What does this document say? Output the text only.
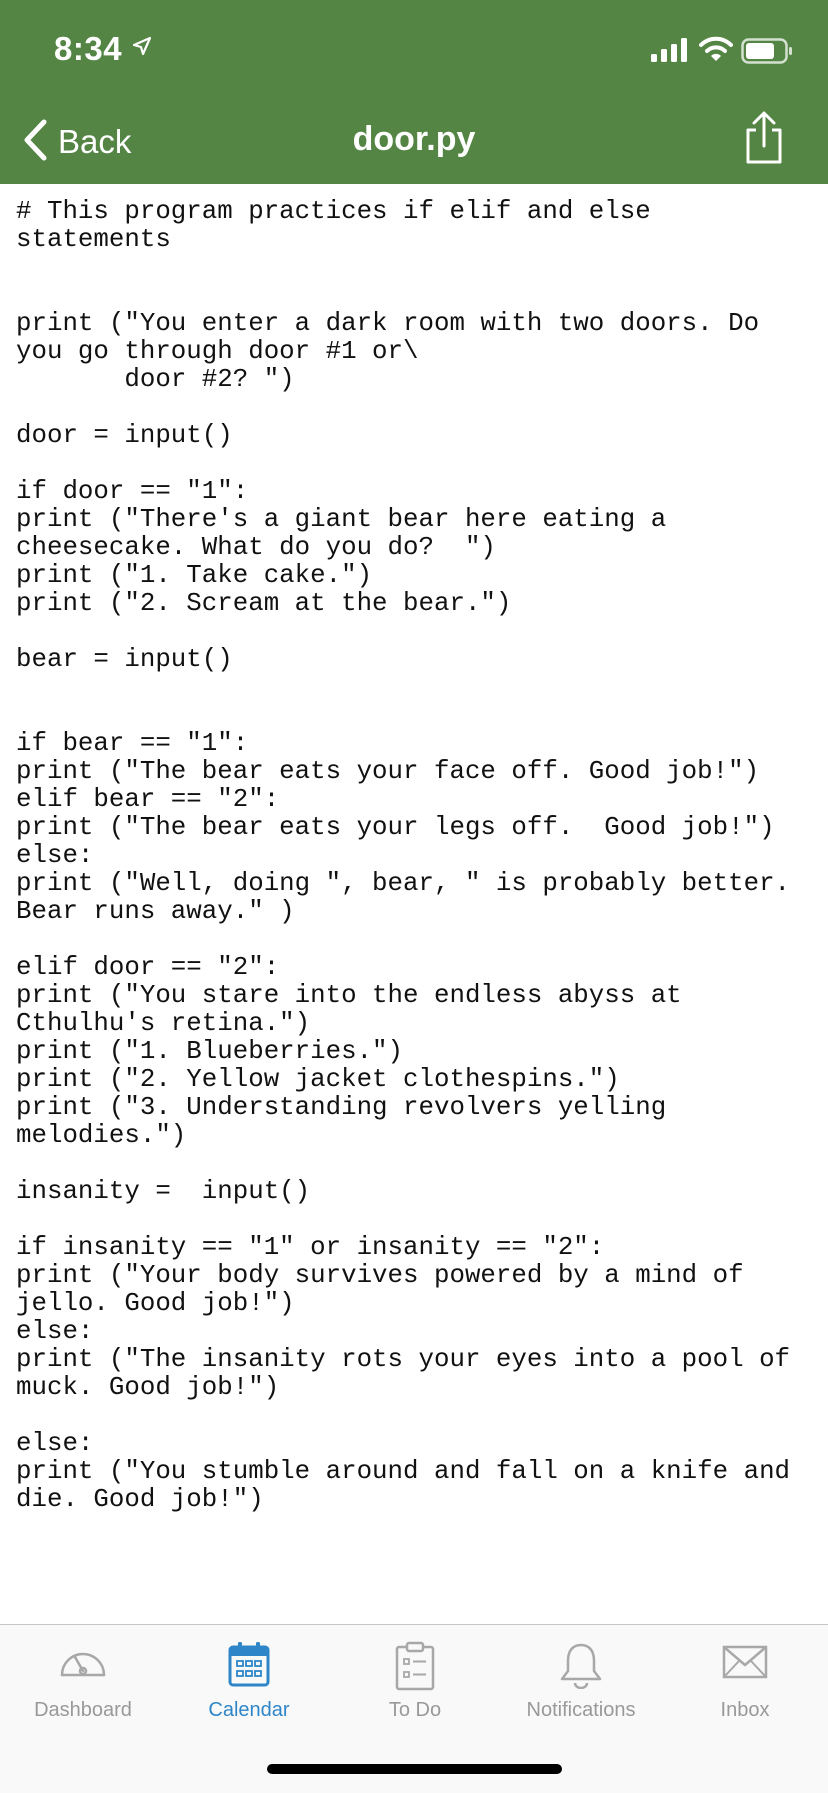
8:34
Back	door.py
# This program practices if elif and else
statements

print ("You enter a dark room with two doors. Do
you go through door #1 or\
door #2? ")

door = input()

if door == "1":
print ("There's a giant bear here eating a
cheesecake. What do you do?  ")
print ("1. Take cake.")
print ("2. Scream at the bear.")

bear = input()

if bear == "1":
print ("The bear eats your face off. Good job!")
elif bear == "2":
print ("The bear eats your legs off.  Good job!")
else:
print ("Well, doing ", bear, " is probably better.
Bear runs away." )

elif door == "2":
print ("You stare into the endless abyss at
Cthulhu's retina.")
print ("1. Blueberries.")
print ("2. Yellow jacket clothespins.")
print ("3. Understanding revolvers yelling
melodies.")

insanity =  input()

if insanity == "1" or insanity == "2":
print ("Your body survives powered by a mind of
jello. Good job!")
else:
print ("The insanity rots your eyes into a pool of
muck. Good job!")

else:
print ("You stumble around and fall on a knife and
die. Good job!")
Dashboard	Calendar	To Do	Notifications	Inbox
